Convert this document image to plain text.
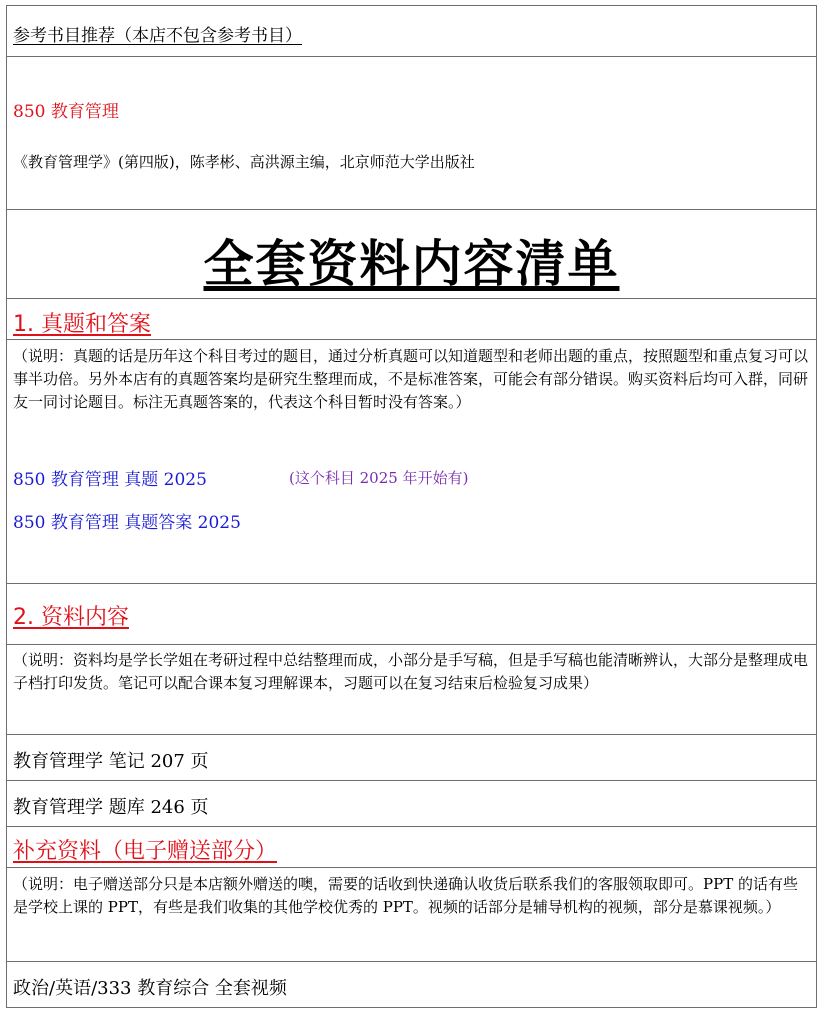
参考书目推荐（本店不包含参考书目）
850 教育管理
《教育管理学》(第四版)，陈孝彬、高洪源主编，北京师范大学出版社
全套资料内容清单
1. 真题和答案
（说明：真题的话是历年这个科目考过的题目，通过分析真题可以知道题型和老师出题的重点，按照题型和重点复习可以事半功倍。另外本店有的真题答案均是研究生整理而成，不是标准答案，可能会有部分错误。购买资料后均可入群，同研友一同讨论题目。标注无真题答案的，代表这个科目暂时没有答案。）
850 教育管理 真题 2025	(这个科目 2025 年开始有)
850 教育管理 真题答案 2025
2. 资料内容
（说明：资料均是学长学姐在考研过程中总结整理而成，小部分是手写稿，但是手写稿也能清晰辨认，大部分是整理成电子档打印发货。笔记可以配合课本复习理解课本，习题可以在复习结束后检验复习成果）
教育管理学 笔记 207 页
教育管理学 题库 246 页
补充资料（电子赠送部分）
（说明：电子赠送部分只是本店额外赠送的噢，需要的话收到快递确认收货后联系我们的客服领取即可。PPT 的话有些是学校上课的 PPT，有些是我们收集的其他学校优秀的 PPT。视频的话部分是辅导机构的视频，部分是慕课视频。）
政治/英语/333 教育综合 全套视频
